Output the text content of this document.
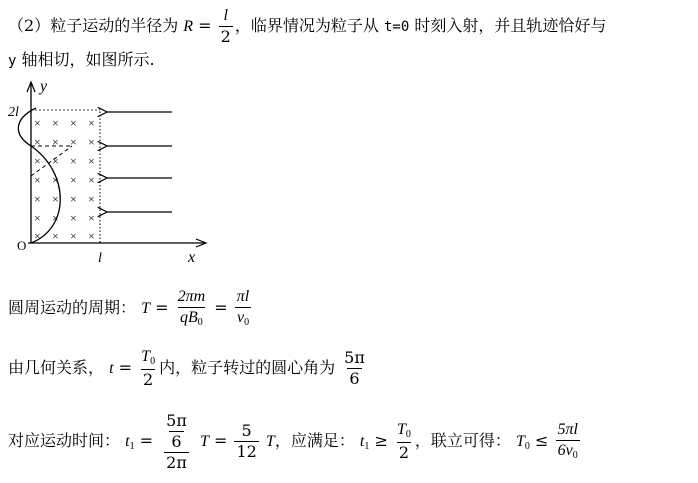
（2）粒子运动的半径为 $R = \frac{l}{2}$ ，临界情况为粒子从 t=0 时刻入射，并且轨迹恰好与
y 轴相切，如图所示.
y
x
2l
l
O
× × × ×
× × × ×
× × × ×
× × × ×
× × × ×
× × × ×
× × × ×
圆周运动的周期： $T = \frac{2\pi m}{qB_0} = \frac{\pi l}{v_0}$
由几何关系， $t = \frac{T_0}{2}$ 内，粒子转过的圆心角为 $\frac{5\pi}{6}$
对应运动时间： $t_1 = \frac{\frac{5\pi}{6}}{2\pi}$ $T = \frac{5}{12}$ T，应满足： $t_1 \ge \frac{T_0}{2}$ ，联立可得： $T_0 \le \frac{5\pi l}{6v_0}$
